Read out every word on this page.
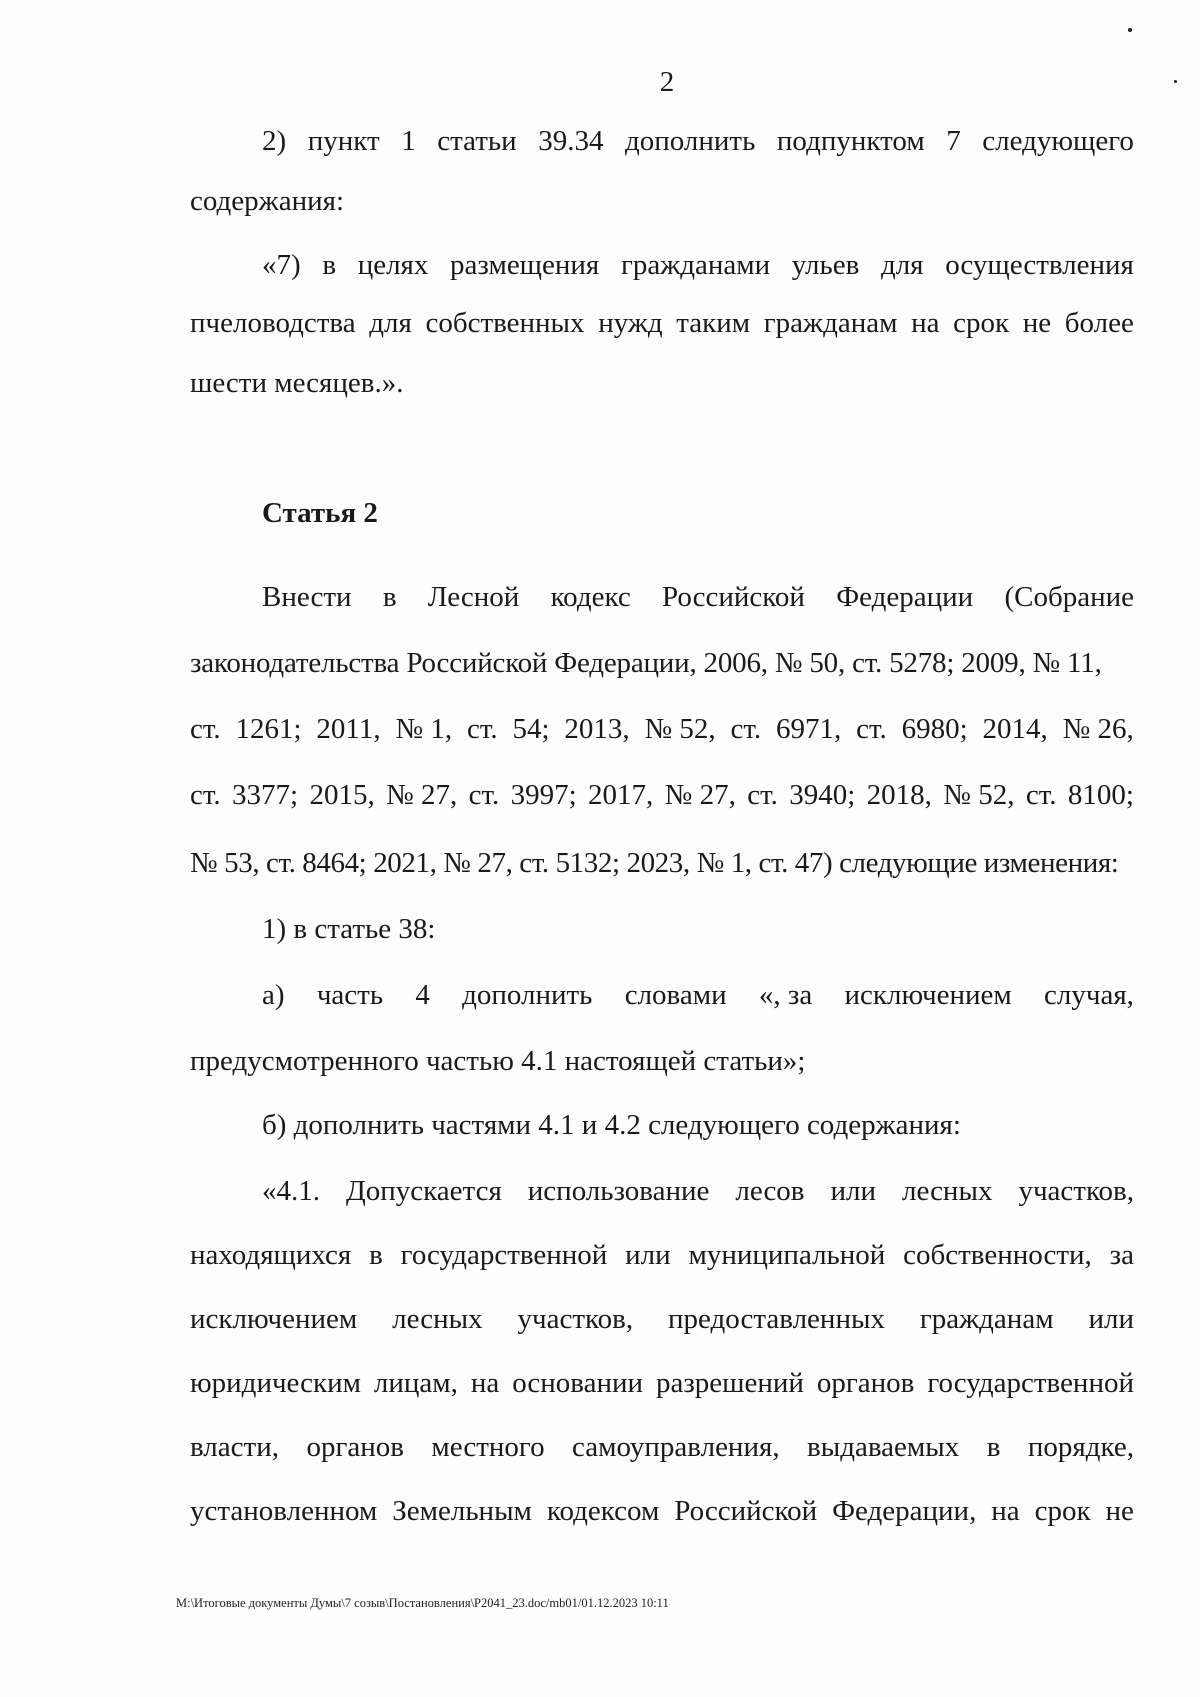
2
2) пункт 1 статьи 39.34 дополнить подпунктом 7 следующего
содержания:
«7) в целях размещения гражданами ульев для осуществления
пчеловодства для собственных нужд таким гражданам на срок не более
шести месяцев.».
Статья 2
Внести в Лесной кодекс Российской Федерации (Собрание
законодательства Российской Федерации, 2006, № 50, ст. 5278; 2009, № 11,
ст. 1261; 2011, № 1, ст. 54; 2013, № 52, ст. 6971, ст. 6980; 2014, № 26,
ст. 3377; 2015, № 27, ст. 3997; 2017, № 27, ст. 3940; 2018, № 52, ст. 8100;
№ 53, ст. 8464; 2021, № 27, ст. 5132; 2023, № 1, ст. 47) следующие изменения:
1) в статье 38:
а) часть 4 дополнить словами «, за исключением случая,
предусмотренного частью 4.1 настоящей статьи»;
б) дополнить частями 4.1 и 4.2 следующего содержания:
«4.1. Допускается использование лесов или лесных участков,
находящихся в государственной или муниципальной собственности, за
исключением лесных участков, предоставленных гражданам или
юридическим лицам, на основании разрешений органов государственной
власти, органов местного самоуправления, выдаваемых в порядке,
установленном Земельным кодексом Российской Федерации, на срок не
M:\Итоговые документы Думы\7 созыв\Постановления\P2041_23.doc/mb01/01.12.2023 10:11
